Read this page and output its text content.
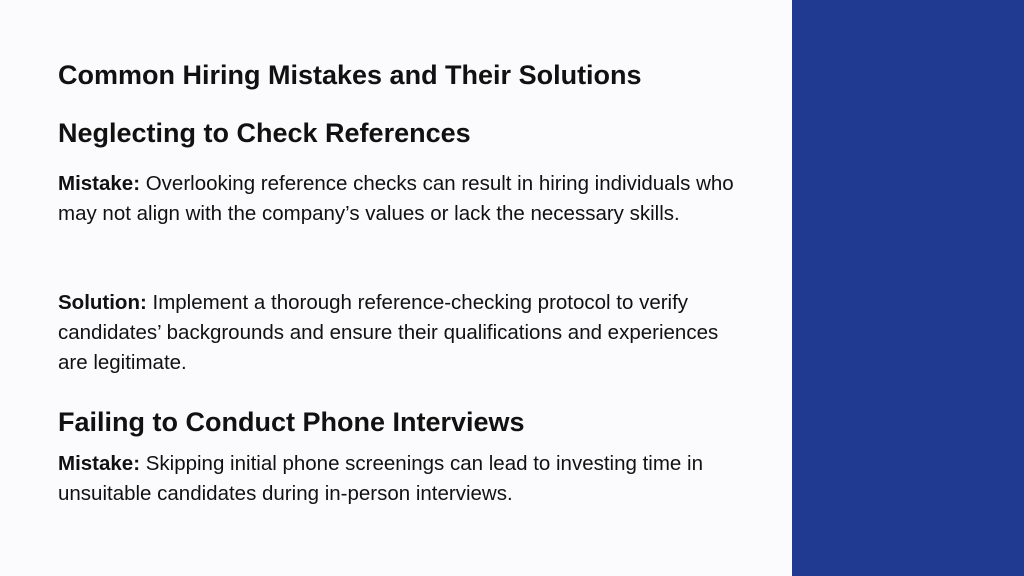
Common Hiring Mistakes and Their Solutions
Neglecting to Check References

Mistake: Overlooking reference checks can result in hiring individuals who may not align with the company’s values or lack the necessary skills.

Solution: Implement a thorough reference-checking protocol to verify candidates’ backgrounds and ensure their qualifications and experiences are legitimate.

Failing to Conduct Phone Interviews

Mistake: Skipping initial phone screenings can lead to investing time in unsuitable candidates during in-person interviews.
